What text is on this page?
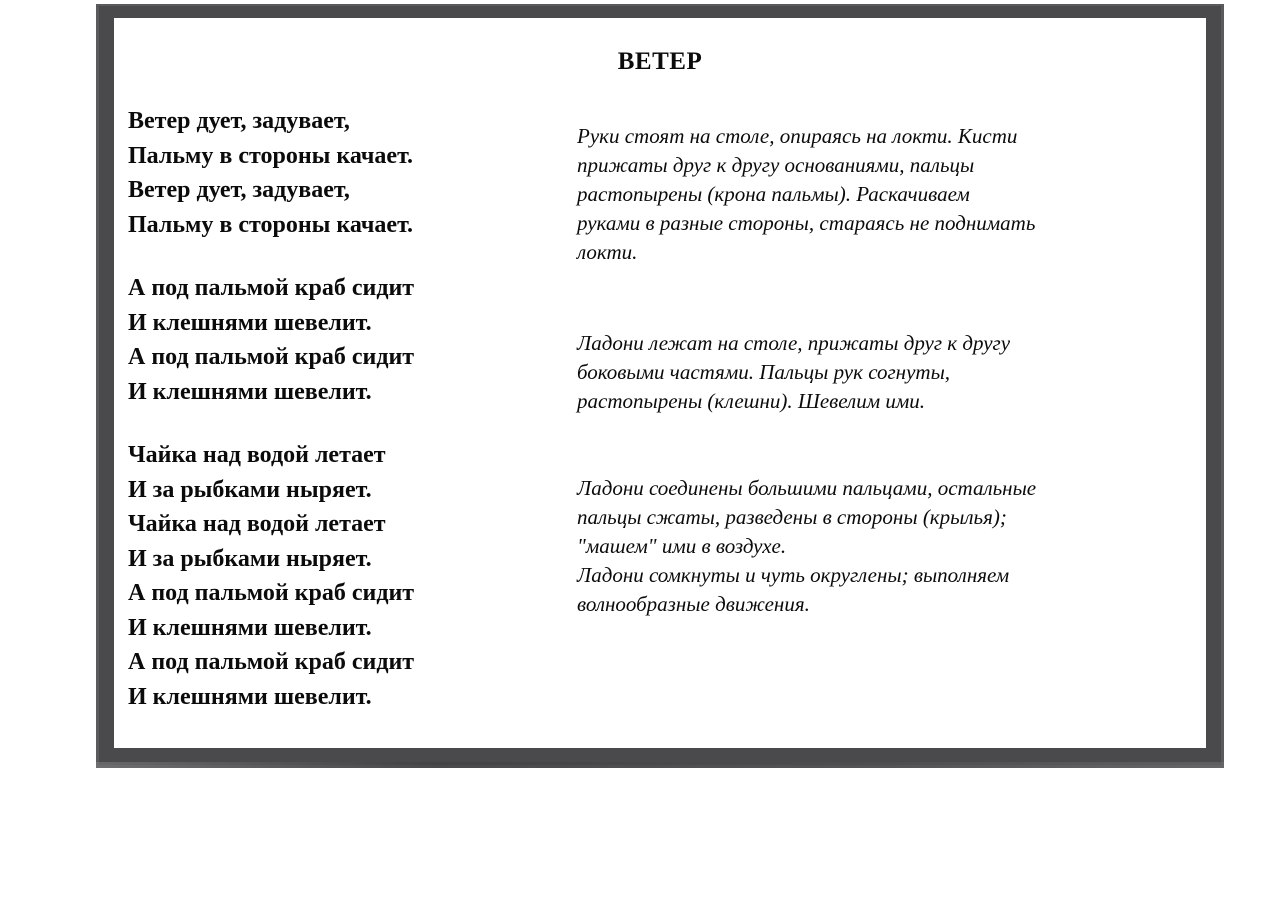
ВЕТЕР
Ветер дует, задувает,
Пальму в стороны качает.
Ветер дует, задувает,
Пальму в стороны качает.
А под пальмой краб сидит
И клешнями шевелит.
А под пальмой краб сидит
И клешнями шевелит.
Чайка над водой летает
И за рыбками ныряет.
Чайка над водой летает
И за рыбками ныряет.
А под пальмой краб сидит
И клешнями шевелит.
А под пальмой краб сидит
И клешнями шевелит.
Руки стоят на столе, опираясь на локти. Кисти
прижаты друг к другу основаниями, пальцы
растопырены (крона пальмы). Раскачиваем
руками в разные стороны, стараясь не поднимать
локти.
Ладони лежат на столе, прижаты друг к другу
боковыми частями. Пальцы рук согнуты,
растопырены (клешни). Шевелим ими.
Ладони соединены большими пальцами, остальные
пальцы сжаты, разведены в стороны (крылья);
"машем" ими в воздухе.
Ладони сомкнуты и чуть округлены; выполняем
волнообразные движения.
